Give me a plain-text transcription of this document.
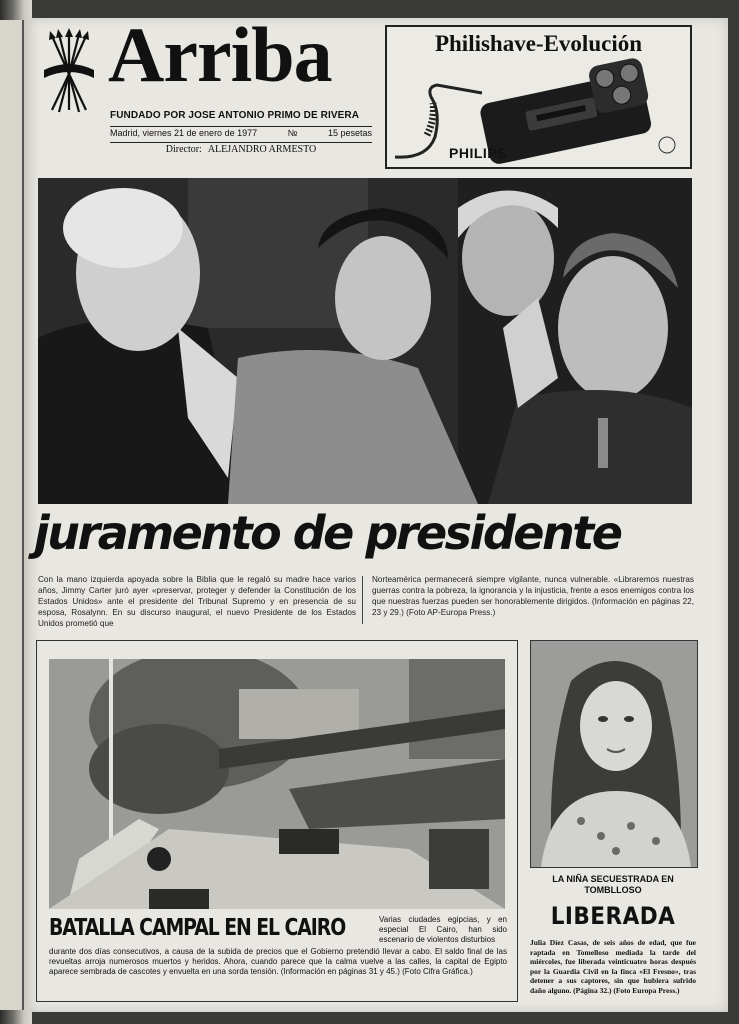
Arriba
FUNDADO POR JOSE ANTONIO PRIMO DE RIVERA
Madrid, viernes 21 de enero de 1977	№	15 pesetas
Director: ALEJANDRO ARMESTO
Philishave-Evolución
PHILIPS
juramento de presidente
Con la mano izquierda apoyada sobre la Biblia que le regaló su madre hace varios años, Jimmy Carter juró ayer «preservar, proteger y defender la Constitución de los Estados Unidos» ante el presidente del Tribunal Supremo y en presencia de su esposa, Rosalynn. En su discurso inaugural, el nuevo Presidente de los Estados Unidos prometió que
Norteamérica permanecerá siempre vigilante, nunca vulnerable. «Libraremos nuestras guerras contra la pobreza, la ignorancia y la injusticia, frente a esos enemigos contra los que nuestras fuerzas pueden ser honorablemente dirigidos. (Información en páginas 22, 23 y 29.) (Foto AP-Europa Press.)
BATALLA CAMPAL EN EL CAIRO	Varias ciudades egipcias, y en especial El Cairo, han sido escenario de violentos disturbios
durante dos días consecutivos, a causa de la subida de precios que el Gobierno pretendió llevar a cabo. El saldo final de las revueltas arroja numerosos muertos y heridos. Ahora, cuando parece que la calma vuelve a las calles, la capital de Egipto aparece sembrada de cascotes y envuelta en una sorda tensión. (Información en páginas 31 y 45.) (Foto Cifra Gráfica.)
LA NIÑA SECUESTRADA EN TOMBLLOSO
LIBERADA
Julia Díez Casas, de seis años de edad, que fue raptada en Tomelloso mediada la tarde del miércoles, fue liberada veinticuatro horas después por la Guardia Civil en la finca «El Fresno», tras detener a sus captores, sin que hubiera sufrido daño alguno. (Página 32.) (Foto Europa Press.)
